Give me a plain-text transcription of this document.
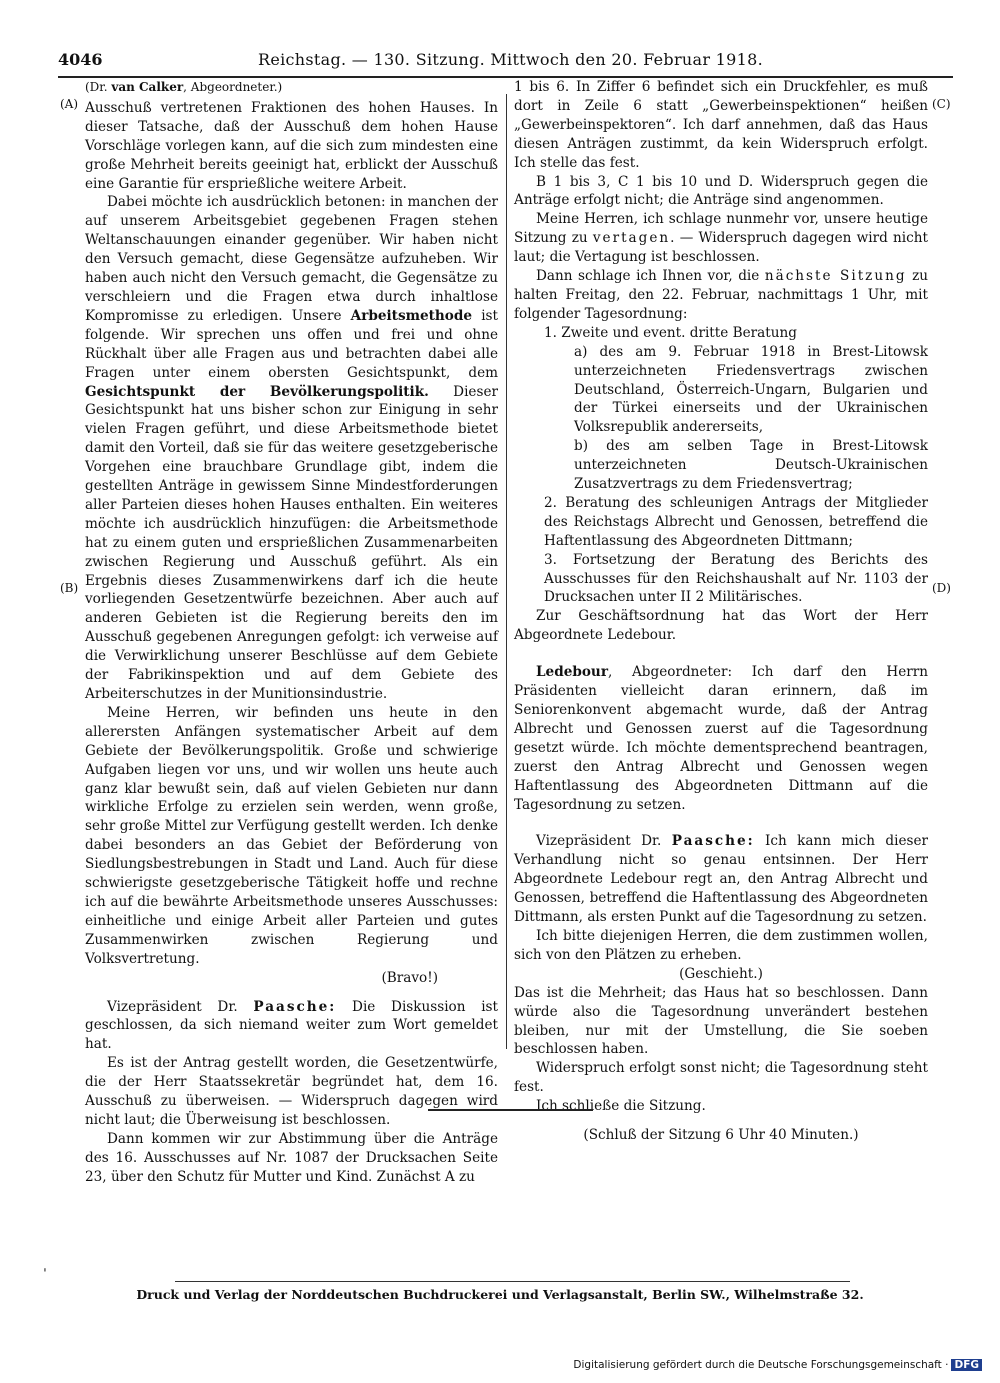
4046	Reichstag. — 130. Sitzung. Mittwoch den 20. Februar 1918.
(A)
(B)
(C)
(D)

(Dr. van Calker, Abgeordneter.)

Ausschuß vertretenen Fraktionen des hohen Hauses. In dieser Tatsache, daß der Ausschuß dem hohen Hause Vorschläge vorlegen kann, auf die sich zum mindesten eine große Mehrheit bereits geeinigt hat, erblickt der Ausschuß eine Garantie für ersprießliche weitere Arbeit.

Dabei möchte ich ausdrücklich betonen: in manchen der auf unserem Arbeitsgebiet gegebenen Fragen stehen Weltanschauungen einander gegenüber. Wir haben nicht den Versuch gemacht, diese Gegensätze aufzuheben. Wir haben auch nicht den Versuch gemacht, die Gegensätze zu verschleiern und die Fragen etwa durch inhaltlose Kompromisse zu erledigen. Unsere Arbeitsmethode ist folgende. Wir sprechen uns offen und frei und ohne Rückhalt über alle Fragen aus und betrachten dabei alle Fragen unter einem obersten Gesichtspunkt, dem Gesichtspunkt der Bevölkerungspolitik. Dieser Gesichtspunkt hat uns bisher schon zur Einigung in sehr vielen Fragen geführt, und diese Arbeitsmethode bietet damit den Vorteil, daß sie für das weitere gesetzgeberische Vorgehen eine brauchbare Grundlage gibt, indem die gestellten Anträge in gewissem Sinne Mindestforderungen aller Parteien dieses hohen Hauses enthalten. Ein weiteres möchte ich ausdrücklich hinzufügen: die Arbeitsmethode hat zu einem guten und ersprießlichen Zusammenarbeiten zwischen Regierung und Ausschuß geführt. Als ein Ergebnis dieses Zusammenwirkens darf ich die heute vorliegenden Gesetzentwürfe bezeichnen. Aber auch auf anderen Gebieten ist die Regierung bereits den im Ausschuß gegebenen Anregungen gefolgt: ich verweise auf die Verwirklichung unserer Beschlüsse auf dem Gebiete der Fabrikinspektion und auf dem Gebiete des Arbeiterschutzes in der Munitionsindustrie.

Meine Herren, wir befinden uns heute in den allerersten Anfängen systematischer Arbeit auf dem Gebiete der Bevölkerungspolitik. Große und schwierige Aufgaben liegen vor uns, und wir wollen uns heute auch ganz klar bewußt sein, daß auf vielen Gebieten nur dann wirkliche Erfolge zu erzielen sein werden, wenn große, sehr große Mittel zur Verfügung gestellt werden. Ich denke dabei besonders an das Gebiet der Beförderung von Siedlungsbestrebungen in Stadt und Land. Auch für diese schwierigste gesetzgeberische Tätigkeit hoffe und rechne ich auf die bewährte Arbeitsmethode unseres Ausschusses: einheitliche und einige Arbeit aller Parteien und gutes Zusammenwirken zwischen Regierung und Volksvertretung.

(Bravo!)

Vizepräsident Dr. Paasche: Die Diskussion ist geschlossen, da sich niemand weiter zum Wort gemeldet hat.

Es ist der Antrag gestellt worden, die Gesetzentwürfe, die der Herr Staatssekretär begründet hat, dem 16. Ausschuß zu überweisen. — Widerspruch dagegen wird nicht laut; die Überweisung ist beschlossen.

Dann kommen wir zur Abstimmung über die Anträge des 16. Ausschusses auf Nr. 1087 der Drucksachen Seite 23, über den Schutz für Mutter und Kind. Zunächst A zu

1 bis 6. In Ziffer 6 befindet sich ein Druckfehler, es muß dort in Zeile 6 statt „Gewerbeinspektionen“ heißen „Gewerbeinspektoren“. Ich darf annehmen, daß das Haus diesen Anträgen zustimmt, da kein Widerspruch erfolgt. Ich stelle das fest.

B 1 bis 3, C 1 bis 10 und D. Widerspruch gegen die Anträge erfolgt nicht; die Anträge sind angenommen.

Meine Herren, ich schlage nunmehr vor, unsere heutige Sitzung zu vertagen. — Widerspruch dagegen wird nicht laut; die Vertagung ist beschlossen.

Dann schlage ich Ihnen vor, die nächste Sitzung zu halten Freitag, den 22. Februar, nachmittags 1 Uhr, mit folgender Tagesordnung:

1. Zweite und event. dritte Beratung

a) des am 9. Februar 1918 in Brest-Litowsk unterzeichneten Friedensvertrags zwischen Deutschland, Österreich-Ungarn, Bulgarien und der Türkei einerseits und der Ukrainischen Volksrepublik andererseits,

b) des am selben Tage in Brest-Litowsk unterzeichneten Deutsch-Ukrainischen Zusatzvertrags zu dem Friedensvertrag;

2. Beratung des schleunigen Antrags der Mitglieder des Reichstags Albrecht und Genossen, betreffend die Haftentlassung des Abgeordneten Dittmann;

3. Fortsetzung der Beratung des Berichts des Ausschusses für den Reichshaushalt auf Nr. 1103 der Drucksachen unter II 2 Militärisches.

Zur Geschäftsordnung hat das Wort der Herr Abgeordnete Ledebour.

Ledebour, Abgeordneter: Ich darf den Herrn Präsidenten vielleicht daran erinnern, daß im Seniorenkonvent abgemacht wurde, daß der Antrag Albrecht und Genossen zuerst auf die Tagesordnung gesetzt würde. Ich möchte dementsprechend beantragen, zuerst den Antrag Albrecht und Genossen wegen Haftentlassung des Abgeordneten Dittmann auf die Tagesordnung zu setzen.

Vizepräsident Dr. Paasche: Ich kann mich dieser Verhandlung nicht so genau entsinnen. Der Herr Abgeordnete Ledebour regt an, den Antrag Albrecht und Genossen, betreffend die Haftentlassung des Abgeordneten Dittmann, als ersten Punkt auf die Tagesordnung zu setzen.

Ich bitte diejenigen Herren, die dem zustimmen wollen, sich von den Plätzen zu erheben.

(Geschieht.)

Das ist die Mehrheit; das Haus hat so beschlossen. Dann würde also die Tagesordnung unverändert bestehen bleiben, nur mit der Umstellung, die Sie soeben beschlossen haben.

Widerspruch erfolgt sonst nicht; die Tagesordnung steht fest.

Ich schließe die Sitzung.

(Schluß der Sitzung 6 Uhr 40 Minuten.)

ˈ
Druck und Verlag der Norddeutschen Buchdruckerei und Verlagsanstalt, Berlin SW., Wilhelmstraße 32.
Digitalisierung gefördert durch die Deutsche Forschungsgemeinschaft · DFG
